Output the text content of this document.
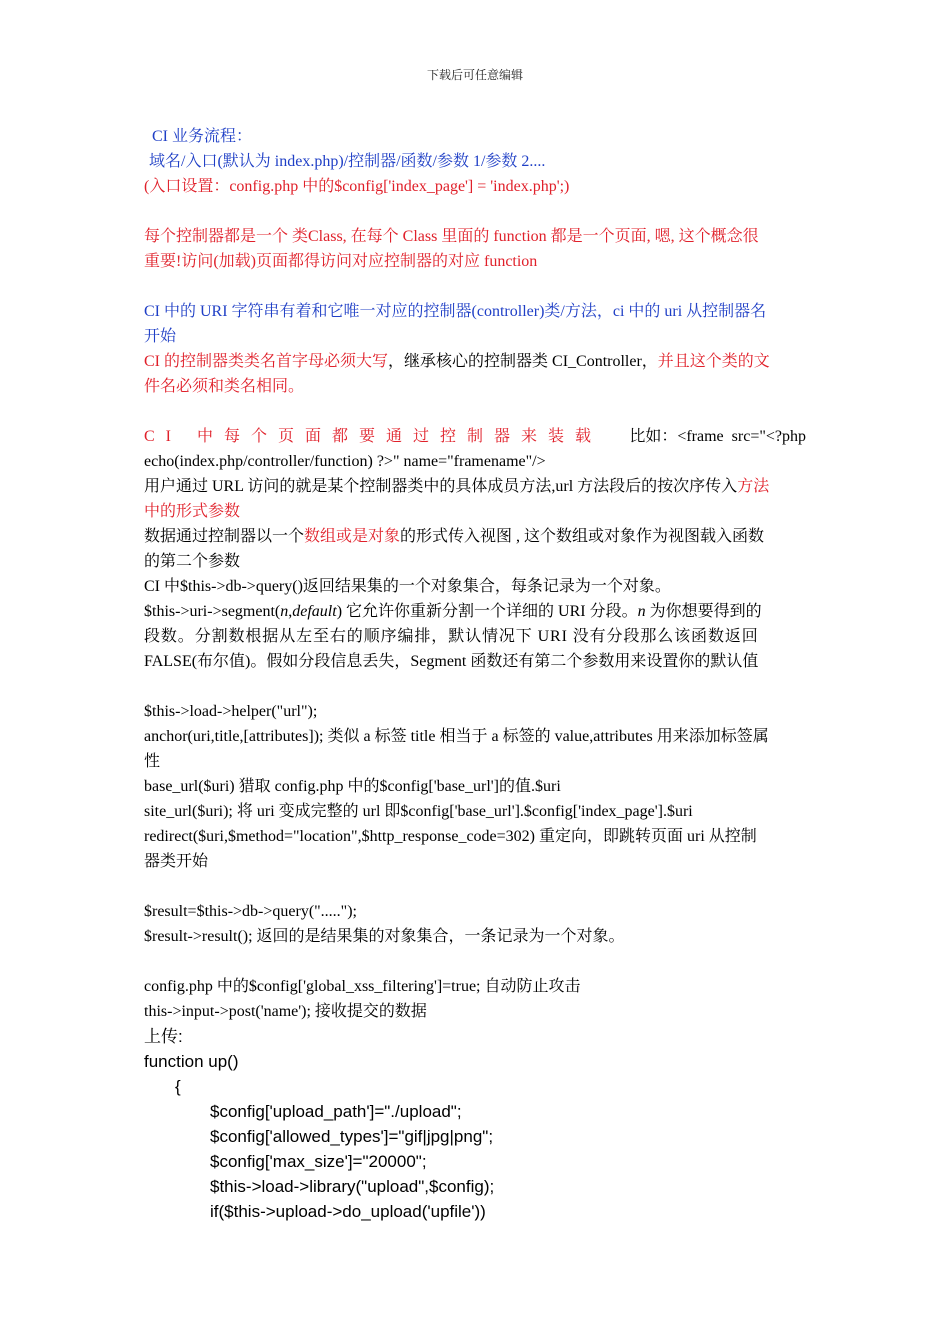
下载后可任意编辑
CI 业务流程：
域名/入口(默认为 index.php)/控制器/函数/参数 1/参数 2....
(入口设置：config.php 中的$config['index_page'] = 'index.php';)
每个控制器都是一个 类Class, 在每个 Class 里面的 function 都是一个页面, 嗯, 这个概念很
重要!访问(加载)页面都得访问对应控制器的对应 function
CI 中的 URI 字符串有着和它唯一对应的控制器(controller)类/方法，ci 中的 uri 从控制器名
开始
CI 的控制器类类名首字母必须大写，继承核心的控制器类 CI_Controller，并且这个类的文
件名必须和类名相同。
CI 中每个页面都要通过控制器来装载 比如：<frame src="<?php
echo(index.php/controller/function) ?>" name="framename"/>
用户通过 URL 访问的就是某个控制器类中的具体成员方法,url 方法段后的按次序传入方法
中的形式参数
数据通过控制器以一个数组或是对象的形式传入视图 , 这个数组或对象作为视图载入函数
的第二个参数
CI 中$this->db->query()返回结果集的一个对象集合，每条记录为一个对象。
$this->uri->segment(n,default) 它允许你重新分割一个详细的 URI 分段。n 为你想要得到的
段数。分割数根据从左至右的顺序编排，默认情况下 URI 没有分段那么该函数返回
FALSE(布尔值)。假如分段信息丢失，Segment 函数还有第二个参数用来设置你的默认值
$this->load->helper("url");
anchor(uri,title,[attributes]); 类似 a 标签 title 相当于 a 标签的 value,attributes 用来添加标签属
性
base_url($uri) 猎取 config.php 中的$config['base_url']的值.$uri
site_url($uri); 将 uri 变成完整的 url 即$config['base_url'].$config['index_page'].$uri
redirect($uri,$method="location",$http_response_code=302) 重定向，即跳转页面 uri 从控制
器类开始
$result=$this->db->query(".....");
$result->result(); 返回的是结果集的对象集合，一条记录为一个对象。
config.php 中的$config['global_xss_filtering']=true; 自动防止攻击
this->input->post('name'); 接收提交的数据
上传:
function up()
{
$config['upload_path']="./upload";
$config['allowed_types']="gif|jpg|png";
$config['max_size']="20000";
$this->load->library("upload",$config);
if($this->upload->do_upload('upfile'))
